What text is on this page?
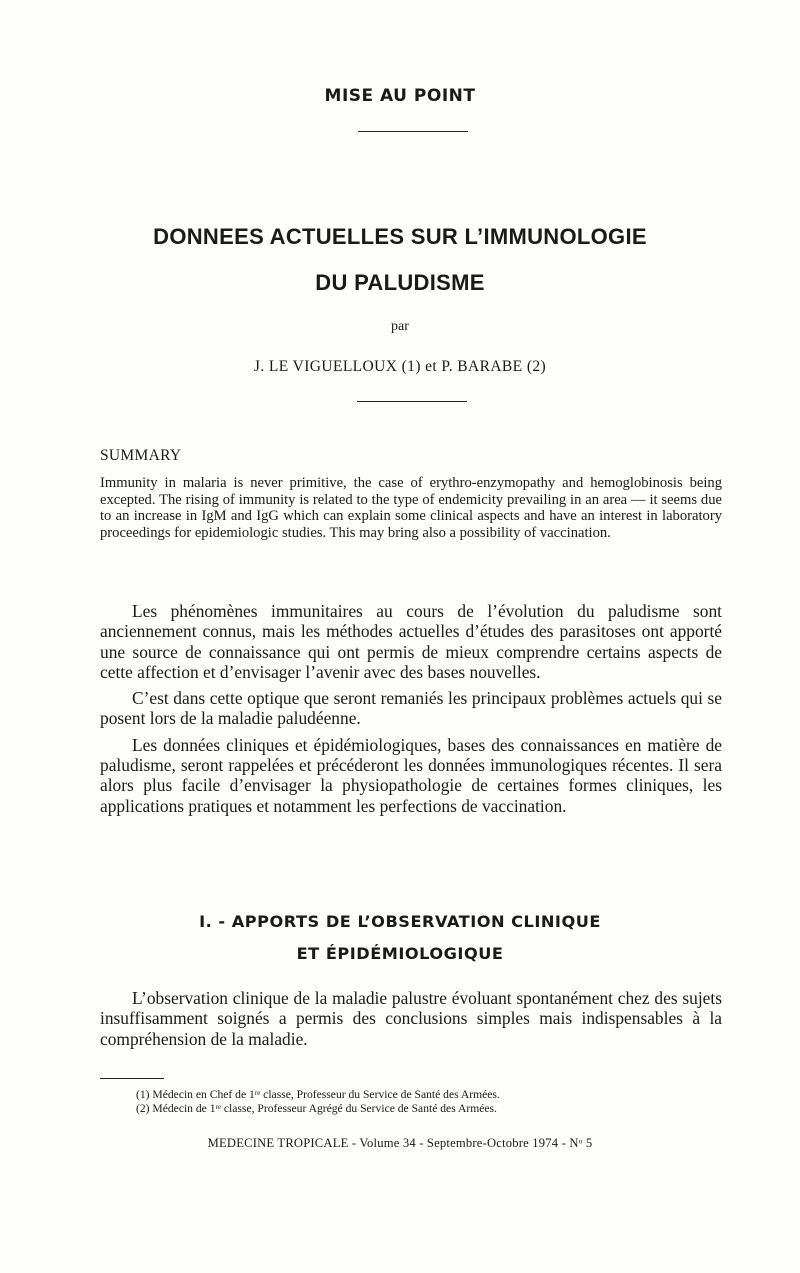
MISE AU POINT
DONNEES ACTUELLES SUR L’IMMUNOLOGIE
DU PALUDISME
par
J. LE VIGUELLOUX (1) et P. BARABE (2)
SUMMARY
Immunity in malaria is never primitive, the case of erythro-enzymopathy and hemoglobinosis being excepted. The rising of immunity is related to the type of endemicity prevailing in an area — it seems due to an increase in IgM and IgG which can explain some clinical aspects and have an interest in laboratory proceedings for epidemiologic studies. This may bring also a possibility of vaccination.

Les phénomènes immunitaires au cours de l’évolution du paludisme sont anciennement connus, mais les méthodes actuelles d’études des parasitoses ont apporté une source de connaissance qui ont permis de mieux comprendre certains aspects de cette affection et d’envisager l’avenir avec des bases nouvelles.

C’est dans cette optique que seront remaniés les principaux problèmes actuels qui se posent lors de la maladie paludéenne.

Les données cliniques et épidémiologiques, bases des connaissances en matière de paludisme, seront rappelées et précéderont les données immunologiques récentes. Il sera alors plus facile d’envisager la physiopathologie de certaines formes cliniques, les applications pratiques et notamment les perfections de vaccination.

I. - APPORTS DE L’OBSERVATION CLINIQUE
ET ÉPIDÉMIOLOGIQUE

L’observation clinique de la maladie palustre évoluant spontanément chez des sujets insuffisamment soignés a permis des conclusions simples mais indispensables à la compréhension de la maladie.

(1) Médecin en Chef de 1ʳᵉ classe, Professeur du Service de Santé des Armées.
(2) Médecin de 1ʳᵉ classe, Professeur Agrégé du Service de Santé des Armées.
MEDECINE TROPICALE - Volume 34 - Septembre-Octobre 1974 - Nᵒ 5
